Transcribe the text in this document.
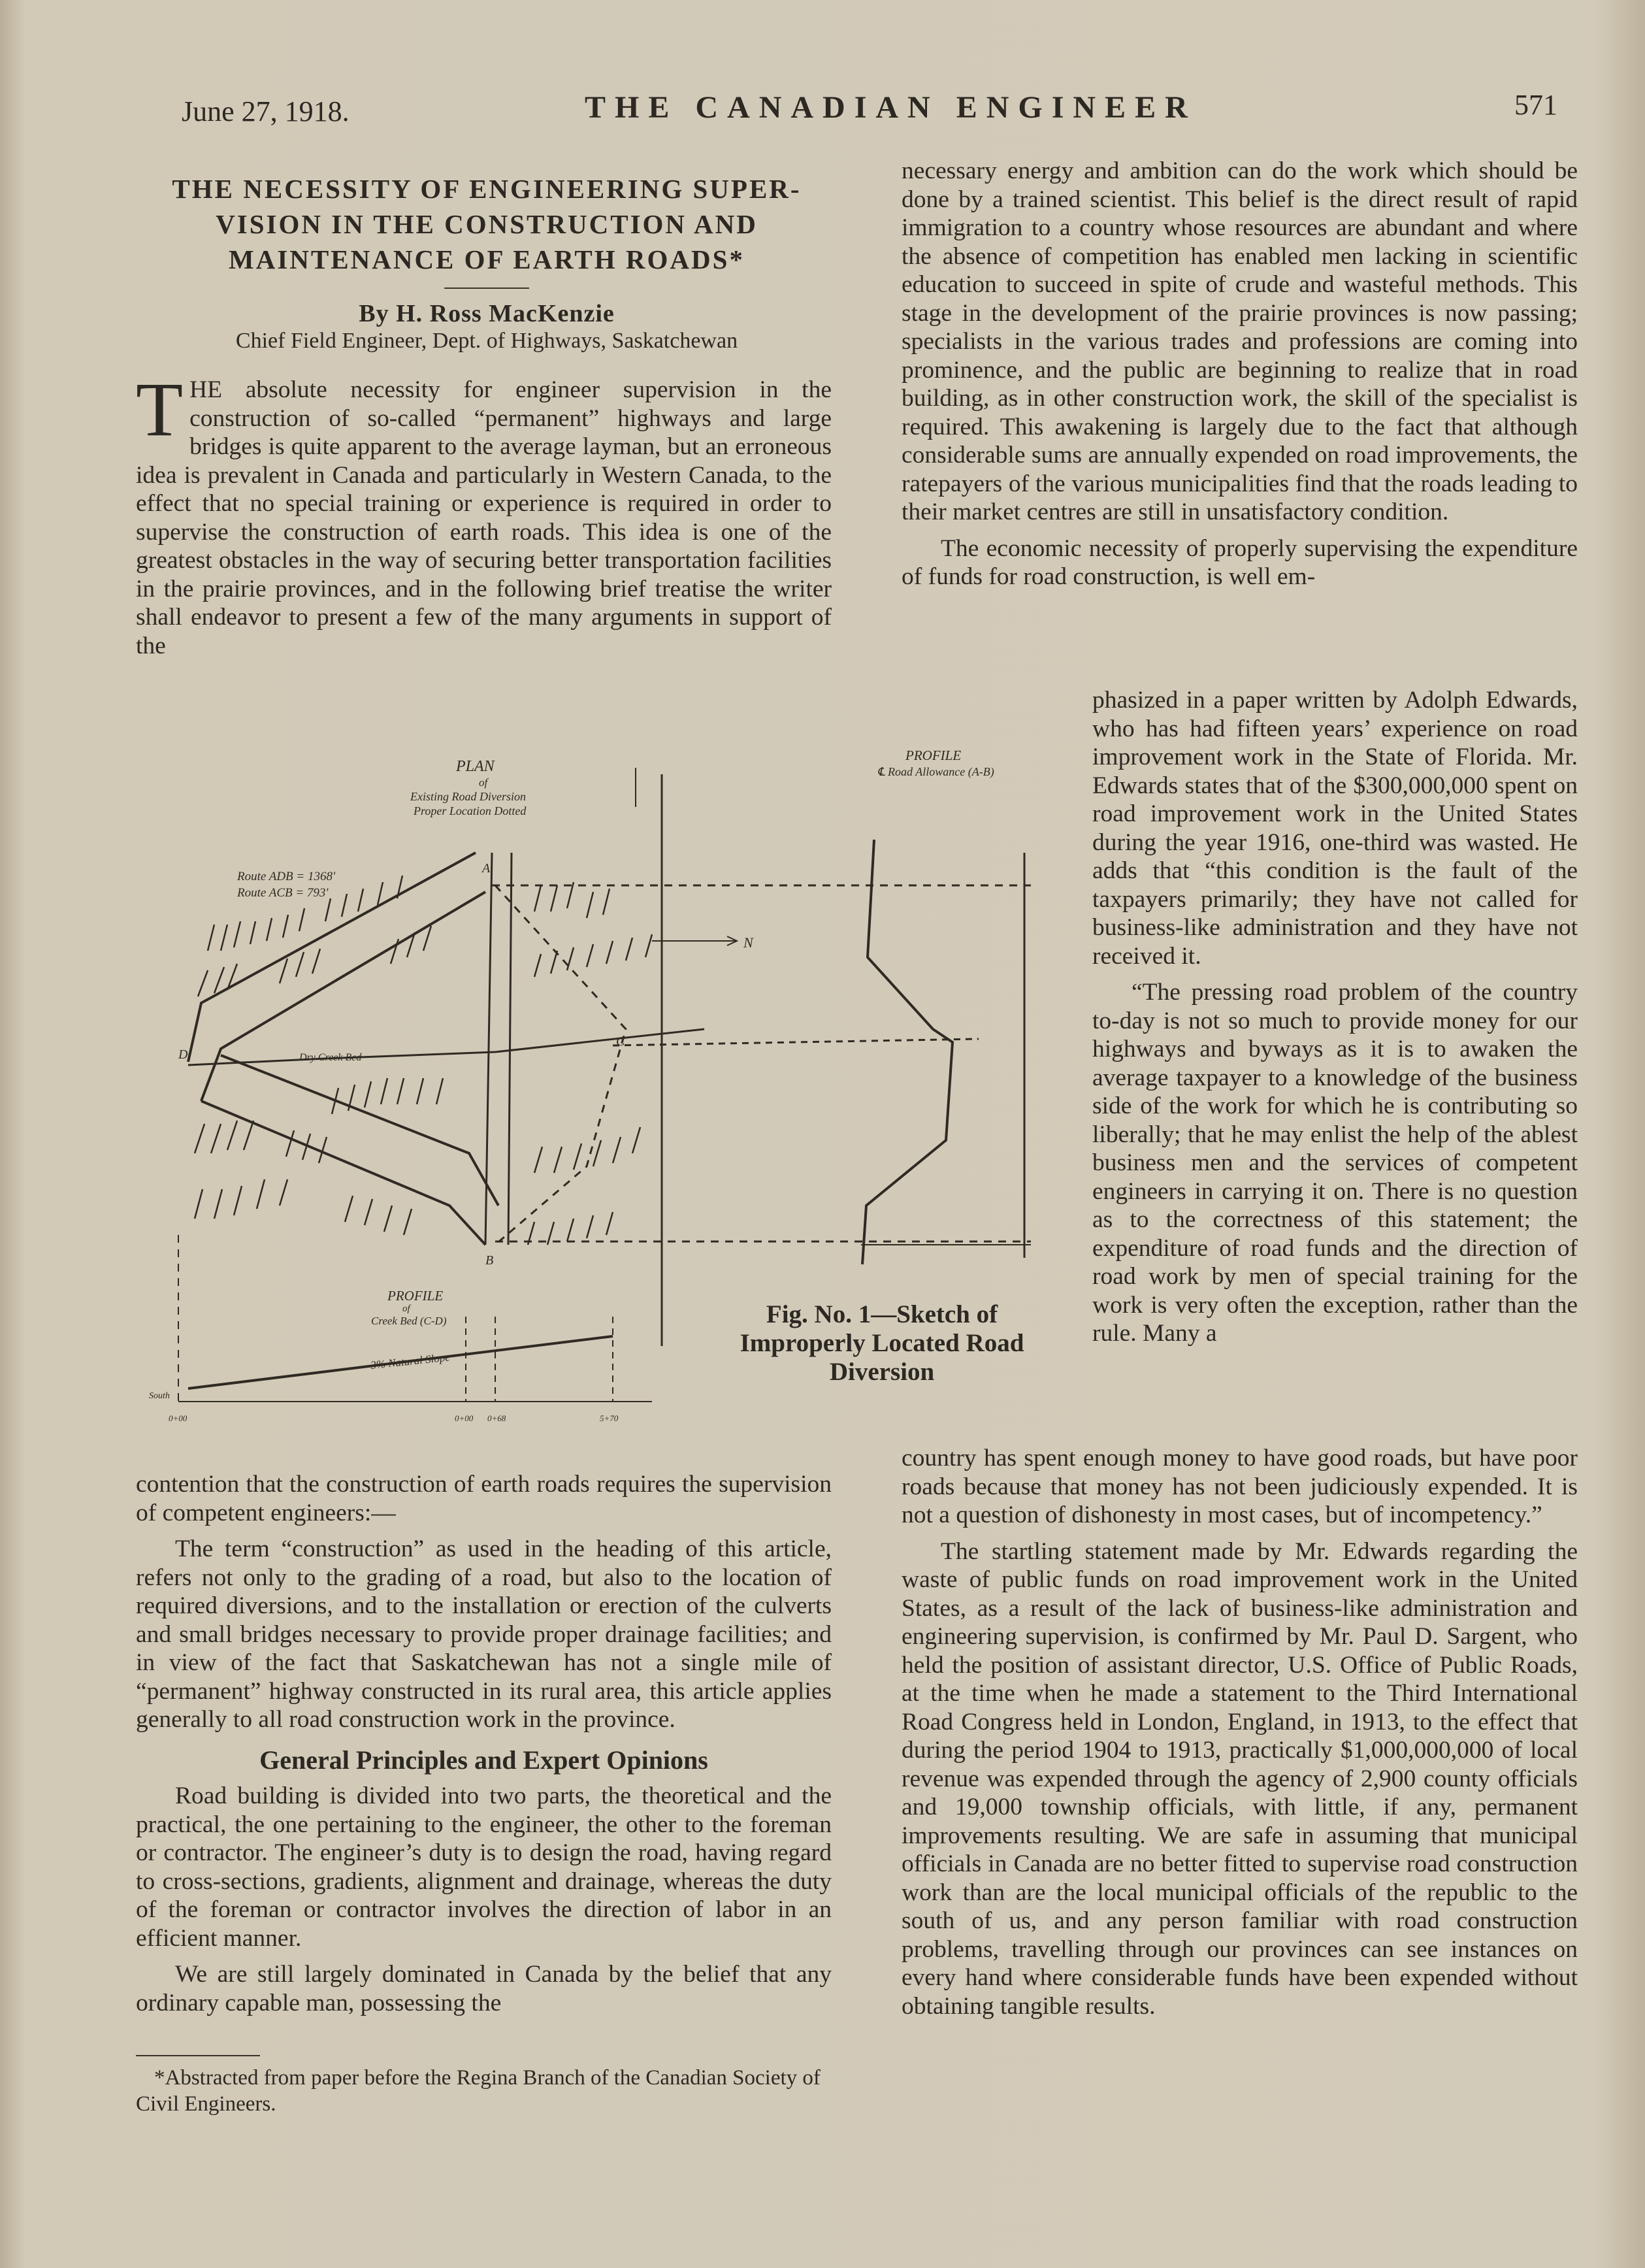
June 27, 1918.	THE CANADIAN ENGINEER	571
THE NECESSITY OF ENGINEERING SUPER-VISION IN THE CONSTRUCTION AND MAINTENANCE OF EARTH ROADS*
By H. Ross MacKenzie
Chief Field Engineer, Dept. of Highways, Saskatchewan

THE absolute necessity for engineer supervision in the construction of so-called “permanent” highways and large bridges is quite apparent to the average layman, but an erroneous idea is prevalent in Canada and particularly in Western Canada, to the effect that no special training or experience is required in order to supervise the construction of earth roads. This idea is one of the greatest obstacles in the way of securing better transportation facilities in the prairie provinces, and in the following brief treatise the writer shall endeavor to present a few of the many arguments in support of the

PLAN
of
Existing Road Diversion
Proper Location Dotted
Route ADB = 1368'
Route ACB = 793'
N
Dry Creek Bed
A
B
C
D
PROFILE
℄ Road Allowance (A-B)
PROFILE
of
Creek Bed (C-D)
3% Natural Slope
South
0+00	0+00 0+68	5+70
Fig. No. 1—Sketch of Improperly Located Road Diversion

contention that the construction of earth roads requires the supervision of competent engineers:—

The term “construction” as used in the heading of this article, refers not only to the grading of a road, but also to the location of required diversions, and to the installation or erection of the culverts and small bridges necessary to provide proper drainage facilities; and in view of the fact that Saskatchewan has not a single mile of “permanent” highway constructed in its rural area, this article applies generally to all road construction work in the province.

General Principles and Expert Opinions

Road building is divided into two parts, the theoretical and the practical, the one pertaining to the engineer, the other to the foreman or contractor. The engineer’s duty is to design the road, having regard to cross-sections, gradients, alignment and drainage, whereas the duty of the foreman or contractor involves the direction of labor in an efficient manner.

We are still largely dominated in Canada by the belief that any ordinary capable man, possessing the

necessary energy and ambition can do the work which should be done by a trained scientist. This belief is the direct result of rapid immigration to a country whose resources are abundant and where the absence of competition has enabled men lacking in scientific education to succeed in spite of crude and wasteful methods. This stage in the development of the prairie provinces is now passing; specialists in the various trades and professions are coming into prominence, and the public are beginning to realize that in road building, as in other construction work, the skill of the specialist is required. This awakening is largely due to the fact that although considerable sums are annually expended on road improvements, the ratepayers of the various municipalities find that the roads leading to their market centres are still in unsatisfactory condition.

The economic necessity of properly supervising the expenditure of funds for road construction, is well em-

phasized in a paper written by Adolph Edwards, who has had fifteen years’ experience on road improvement work in the State of Florida. Mr. Edwards states that of the $300,000,000 spent on road improvement work in the United States during the year 1916, one-third was wasted. He adds that “this condition is the fault of the taxpayers primarily; they have not called for business-like administration and they have not received it.

“The pressing road problem of the country to-day is not so much to provide money for our highways and byways as it is to awaken the average taxpayer to a knowledge of the business side of the work for which he is contributing so liberally; that he may enlist the help of the ablest business men and the services of competent engineers in carrying it on. There is no question as to the correctness of this statement; the expenditure of road funds and the direction of road work by men of special training for the work is very often the exception, rather than the rule. Many a

country has spent enough money to have good roads, but have poor roads because that money has not been judiciously expended. It is not a question of dishonesty in most cases, but of incompetency.”

The startling statement made by Mr. Edwards regarding the waste of public funds on road improvement work in the United States, as a result of the lack of business-like administration and engineering supervision, is confirmed by Mr. Paul D. Sargent, who held the position of assistant director, U.S. Office of Public Roads, at the time when he made a statement to the Third International Road Congress held in London, England, in 1913, to the effect that during the period 1904 to 1913, practically $1,000,000,000 of local revenue was expended through the agency of 2,900 county officials and 19,000 township officials, with little, if any, permanent improvements resulting. We are safe in assuming that municipal officials in Canada are no better fitted to supervise road construction work than are the local municipal officials of the republic to the south of us, and any person familiar with road construction problems, travelling through our provinces can see instances on every hand where considerable funds have been expended without obtaining tangible results.

*Abstracted from paper before the Regina Branch of the Canadian Society of Civil Engineers.
